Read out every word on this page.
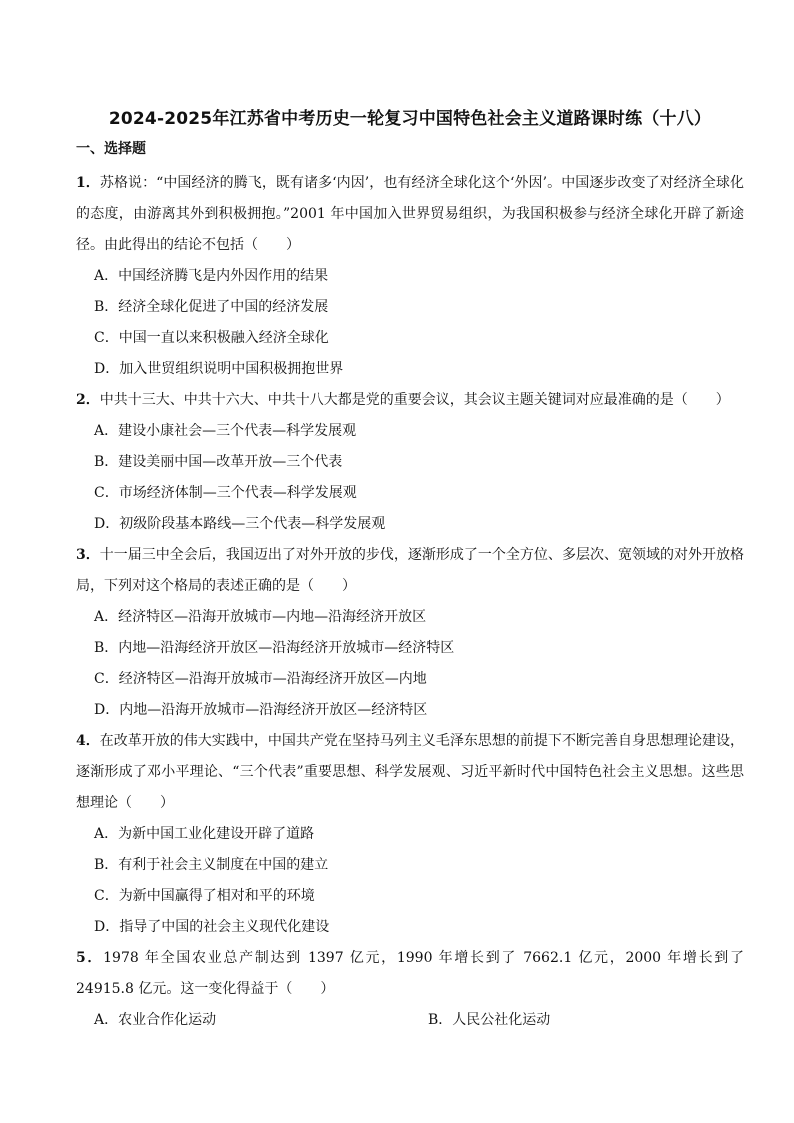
2024-2025年江苏省中考历史一轮复习中国特色社会主义道路课时练（十八）
一、选择题

1．苏格说：“中国经济的腾飞，既有诸多‘内因’，也有经济全球化这个‘外因’。中国逐步改变了对经济全球化的态度，由游离其外到积极拥抱。”2001 年中国加入世界贸易组织，为我国积极参与经济全球化开辟了新途径。由此得出的结论不包括（　　）

A．中国经济腾飞是内外因作用的结果
B．经济全球化促进了中国的经济发展
C．中国一直以来积极融入经济全球化
D．加入世贸组织说明中国积极拥抱世界

2．中共十三大、中共十六大、中共十八大都是党的重要会议，其会议主题关键词对应最准确的是（　　）

A．建设小康社会—三个代表—科学发展观
B．建设美丽中国—改革开放—三个代表
C．市场经济体制—三个代表—科学发展观
D．初级阶段基本路线—三个代表—科学发展观

3．十一届三中全会后，我国迈出了对外开放的步伐，逐渐形成了一个全方位、多层次、宽领域的对外开放格局，下列对这个格局的表述正确的是（　　）

A．经济特区—沿海开放城市—内地—沿海经济开放区
B．内地—沿海经济开放区—沿海经济开放城市—经济特区
C．经济特区—沿海开放城市—沿海经济开放区—内地
D．内地—沿海开放城市—沿海经济开放区—经济特区

4．在改革开放的伟大实践中，中国共产党在坚持马列主义毛泽东思想的前提下不断完善自身思想理论建设，逐渐形成了邓小平理论、“三个代表”重要思想、科学发展观、习近平新时代中国特色社会主义思想。这些思想理论（　　）

A．为新中国工业化建设开辟了道路
B．有利于社会主义制度在中国的建立
C．为新中国赢得了相对和平的环境
D．指导了中国的社会主义现代化建设

5．1978 年全国农业总产制达到 1397 亿元，1990 年增长到了 7662.1 亿元，2000 年增长到了 24915.8 亿元。这一变化得益于（　　）

A．农业合作化运动	B．人民公社化运动
